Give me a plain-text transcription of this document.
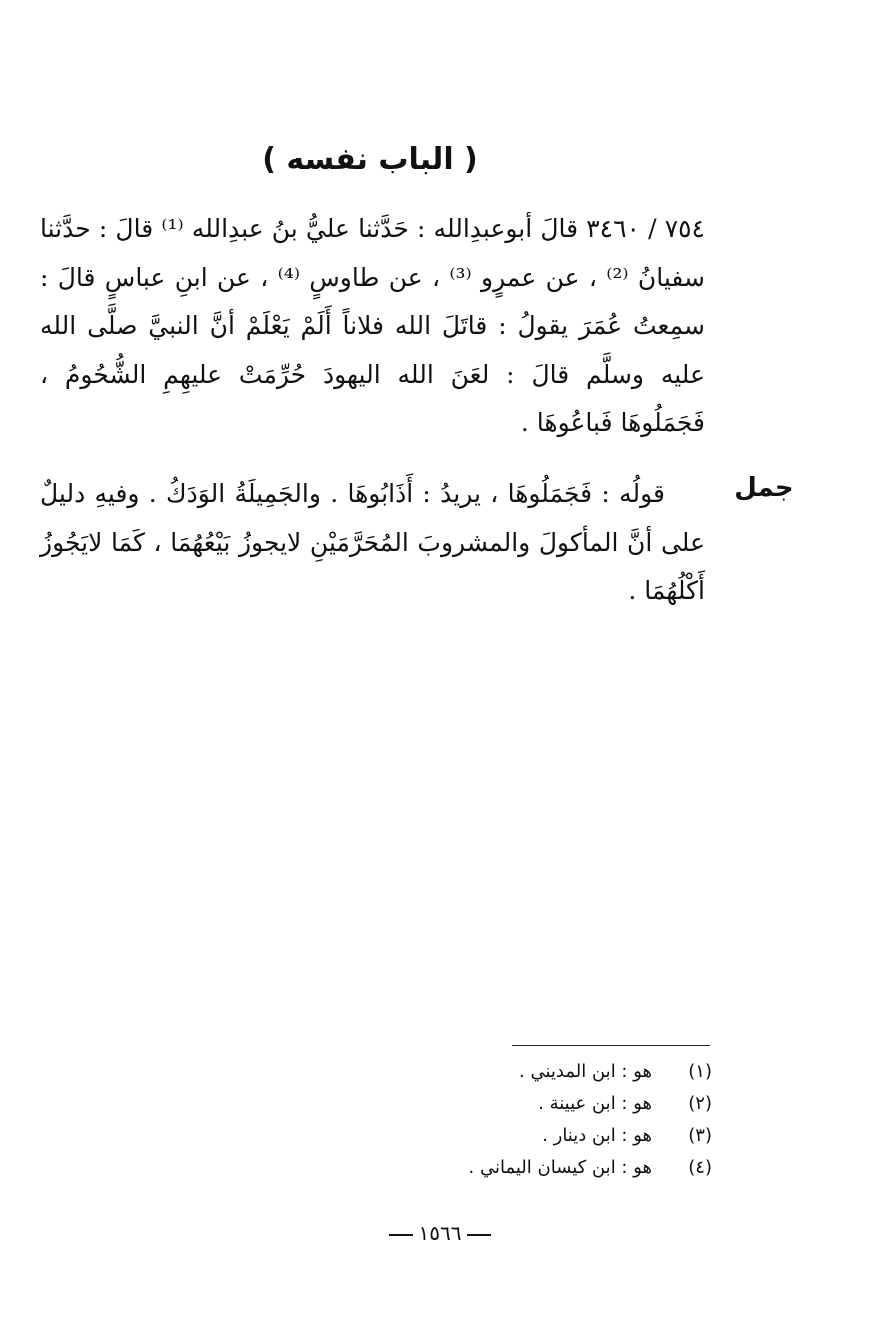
( الباب نفسه )
٧٥٤ / ٣٤٦٠ قالَ أبوعبدِالله : حَدَّثنا عليُّ بنُ عبدِالله ⁽¹⁾ قالَ : حدَّثنا سفيانُ ⁽²⁾ ، عن عمرٍو ⁽³⁾ ، عن طاوسٍ ⁽⁴⁾ ، عن ابنِ عباسٍ قالَ : سمِعتُ عُمَرَ يقولُ : قاتَلَ الله فلاناً أَلَمْ يَعْلَمْ أنَّ النبيَّ صلَّى الله عليه وسلَّم قالَ : لعَنَ الله اليهودَ حُرِّمَتْ عليهِمِ الشُّحُومُ ، فَجَمَلُوهَا فَباعُوهَا .
جمل
قولُه : فَجَمَلُوهَا ، يريدُ : أَذَابُوهَا . والجَمِيلَةُ الوَدَكُ . وفيهِ دليلٌ على أنَّ المأكولَ والمشروبَ المُحَرَّمَيْنِ لايجوزُ بَيْعُهُمَا ، كَمَا لايَجُوزُ أَكْلُهُمَا .
(١)
هو : ابن المديني .
(٢)
هو : ابن عيينة .
(٣)
هو : ابن دينار .
(٤)
هو : ابن كيسان اليماني .
١٥٦٦
